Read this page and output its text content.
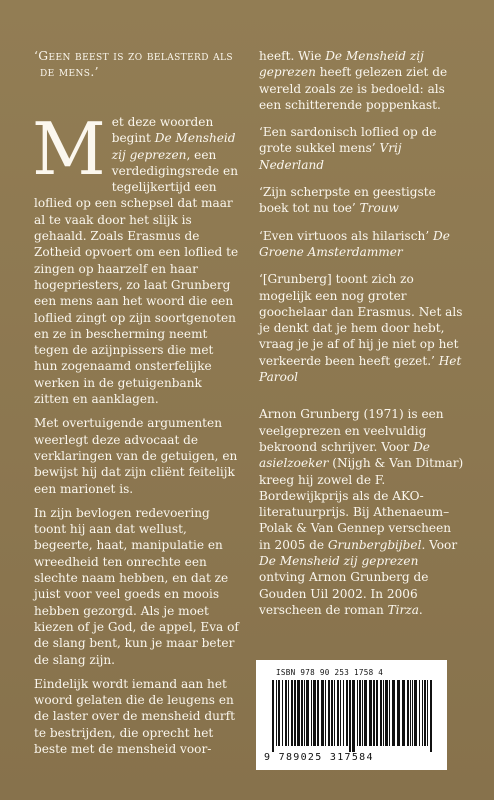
‘Geen beest is zo belasterd als de mens.’

Met deze woorden begint De Mensheid zij geprezen, een verdedigingsrede en tegelijkertijd een loflied op een schepsel dat maar al te vaak door het slijk is gehaald. Zoals Erasmus de Zotheid opvoert om een loflied te zingen op haarzelf en haar hogepriesters, zo laat Grunberg een mens aan het woord die een loflied zingt op zijn soortgenoten en ze in bescherming neemt tegen de azijnpissers die met hun zogenaamd onsterfelijke werken in de getuigenbank zitten en aanklagen.

Met overtuigende argumenten weerlegt deze advocaat de verklaringen van de getuigen, en bewijst hij dat zijn cliënt feitelijk een marionet is.

In zijn bevlogen redevoering toont hij aan dat wellust, begeerte, haat, manipulatie en wreedheid ten onrechte een slechte naam hebben, en dat ze juist voor veel goeds en moois hebben gezorgd. Als je moet kiezen of je God, de appel, Eva of de slang bent, kun je maar beter de slang zijn.

Eindelijk wordt iemand aan het woord gelaten die de leugens en de laster over de mensheid durft te bestrijden, die oprecht het beste met de mensheid voor-

heeft. Wie De Mensheid zij geprezen heeft gelezen ziet de wereld zoals ze is bedoeld: als een schitterende poppenkast.

‘Een sardonisch loflied op de grote sukkel mens’ Vrij Nederland

‘Zijn scherpste en geestigste boek tot nu toe’ Trouw

‘Even virtuoos als hilarisch’ De Groene Amsterdammer

‘[Grunberg] toont zich zo mogelijk een nog groter goochelaar dan Erasmus. Net als je denkt dat je hem door hebt, vraag je je af of hij je niet op het verkeerde been heeft gezet.’ Het Parool

Arnon Grunberg (1971) is een veelgeprezen en veelvuldig bekroond schrijver. Voor De asielzoeker (Nijgh & Van Ditmar) kreeg hij zowel de F. Bordewijkprijs als de AKO-literatuurprijs. Bij Athenaeum–Polak & Van Gennep verscheen in 2005 de Grunbergbijbel. Voor De Mensheid zij geprezen ontving Arnon Grunberg de Gouden Uil 2002. In 2006 verscheen de roman Tirza.

ISBN 978 90 253 1758 4
9 789025 317584
